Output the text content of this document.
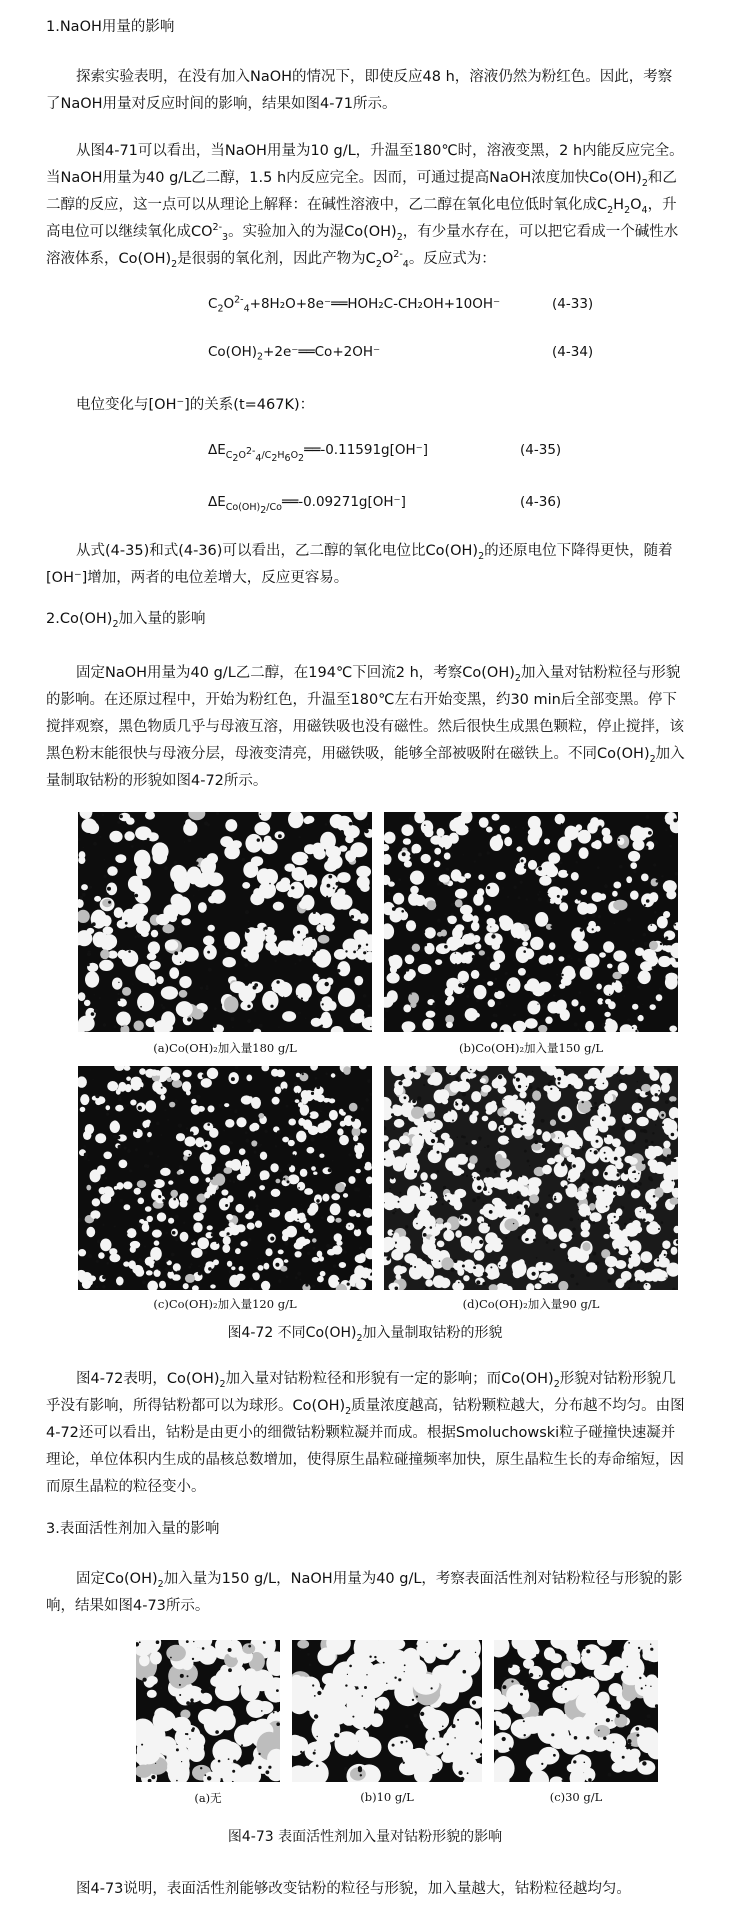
1.NaOH用量的影响
探索实验表明，在没有加入NaOH的情况下，即使反应48 h，溶液仍然为粉红色。因此，考察了NaOH用量对反应时间的影响，结果如图4-71所示。
从图4-71可以看出，当NaOH用量为10 g/L，升温至180℃时，溶液变黑，2 h内能反应完全。当NaOH用量为40 g/L乙二醇，1.5 h内反应完全。因而，可通过提高NaOH浓度加快$Co(OH)_2$和乙二醇的反应，这一点可以从理论上解释：在碱性溶液中，乙二醇在氧化电位低时氧化成$C_2H_2O_4$，升高电位可以继续氧化成$CO^{2-}_3$。实验加入的为湿$Co(OH)_2$，有少量水存在，可以把它看成一个碱性水溶液体系，$Co(OH)_2$是很弱的氧化剂，因此产物为$C_2O^{2-}_4$。反应式为：
$C_2O^{2-}_4+8H_2O+8e^-══HOH_2C-CH_2OH+10OH^-$	(4-33)
$Co(OH)_2+2e^-══Co+2OH^-$	(4-34)
电位变化与[OH⁻]的关系(t=467K)：
$\Delta E_{C_2O^{2-}_4/C_2H_6O_2}══-0.11591g[OH^-]$	(4-35)
$\Delta E_{Co(OH)_2/Co}══-0.09271g[OH^-]$	(4-36)
从式(4-35)和式(4-36)可以看出，乙二醇的氧化电位比$Co(OH)_2$的还原电位下降得更快，随着[OH⁻]增加，两者的电位差增大，反应更容易。
$2.Co(OH)_2$加入量的影响
固定NaOH用量为40 g/L乙二醇，在194℃下回流2 h，考察$Co(OH)_2$加入量对钴粉粒径与形貌的影响。在还原过程中，开始为粉红色，升温至180℃左右开始变黑，约30 min后全部变黑。停下搅拌观察，黑色物质几乎与母液互溶，用磁铁吸也没有磁性。然后很快生成黑色颗粒，停止搅拌，该黑色粉末能很快与母液分层，母液变清亮，用磁铁吸，能够全部被吸附在磁铁上。不同$Co(OH)_2$加入量制取钴粉的形貌如图4-72所示。
(a)Co(OH)₂加入量180 g/L	(b)Co(OH)₂加入量150 g/L
(c)Co(OH)₂加入量120 g/L	(d)Co(OH)₂加入量90 g/L
图4-72 不同$Co(OH)_2$加入量制取钴粉的形貌
图4-72表明，$Co(OH)_2$加入量对钴粉粒径和形貌有一定的影响；而$Co(OH)_2$形貌对钴粉形貌几乎没有影响，所得钴粉都可以为球形。$Co(OH)_2$质量浓度越高，钴粉颗粒越大，分布越不均匀。由图4-72还可以看出，钴粉是由更小的细微钴粉颗粒凝并而成。根据Smoluchowski粒子碰撞快速凝并理论，单位体积内生成的晶核总数增加，使得原生晶粒碰撞频率加快，原生晶粒生长的寿命缩短，因而原生晶粒的粒径变小。
3.表面活性剂加入量的影响
固定$Co(OH)_2$加入量为150 g/L，NaOH用量为40 g/L，考察表面活性剂对钴粉粒径与形貌的影响，结果如图4-73所示。
(a)无	(b)10 g/L	(c)30 g/L
图4-73 表面活性剂加入量对钴粉形貌的影响
图4-73说明，表面活性剂能够改变钴粉的粒径与形貌，加入量越大，钴粉粒径越均匀。
